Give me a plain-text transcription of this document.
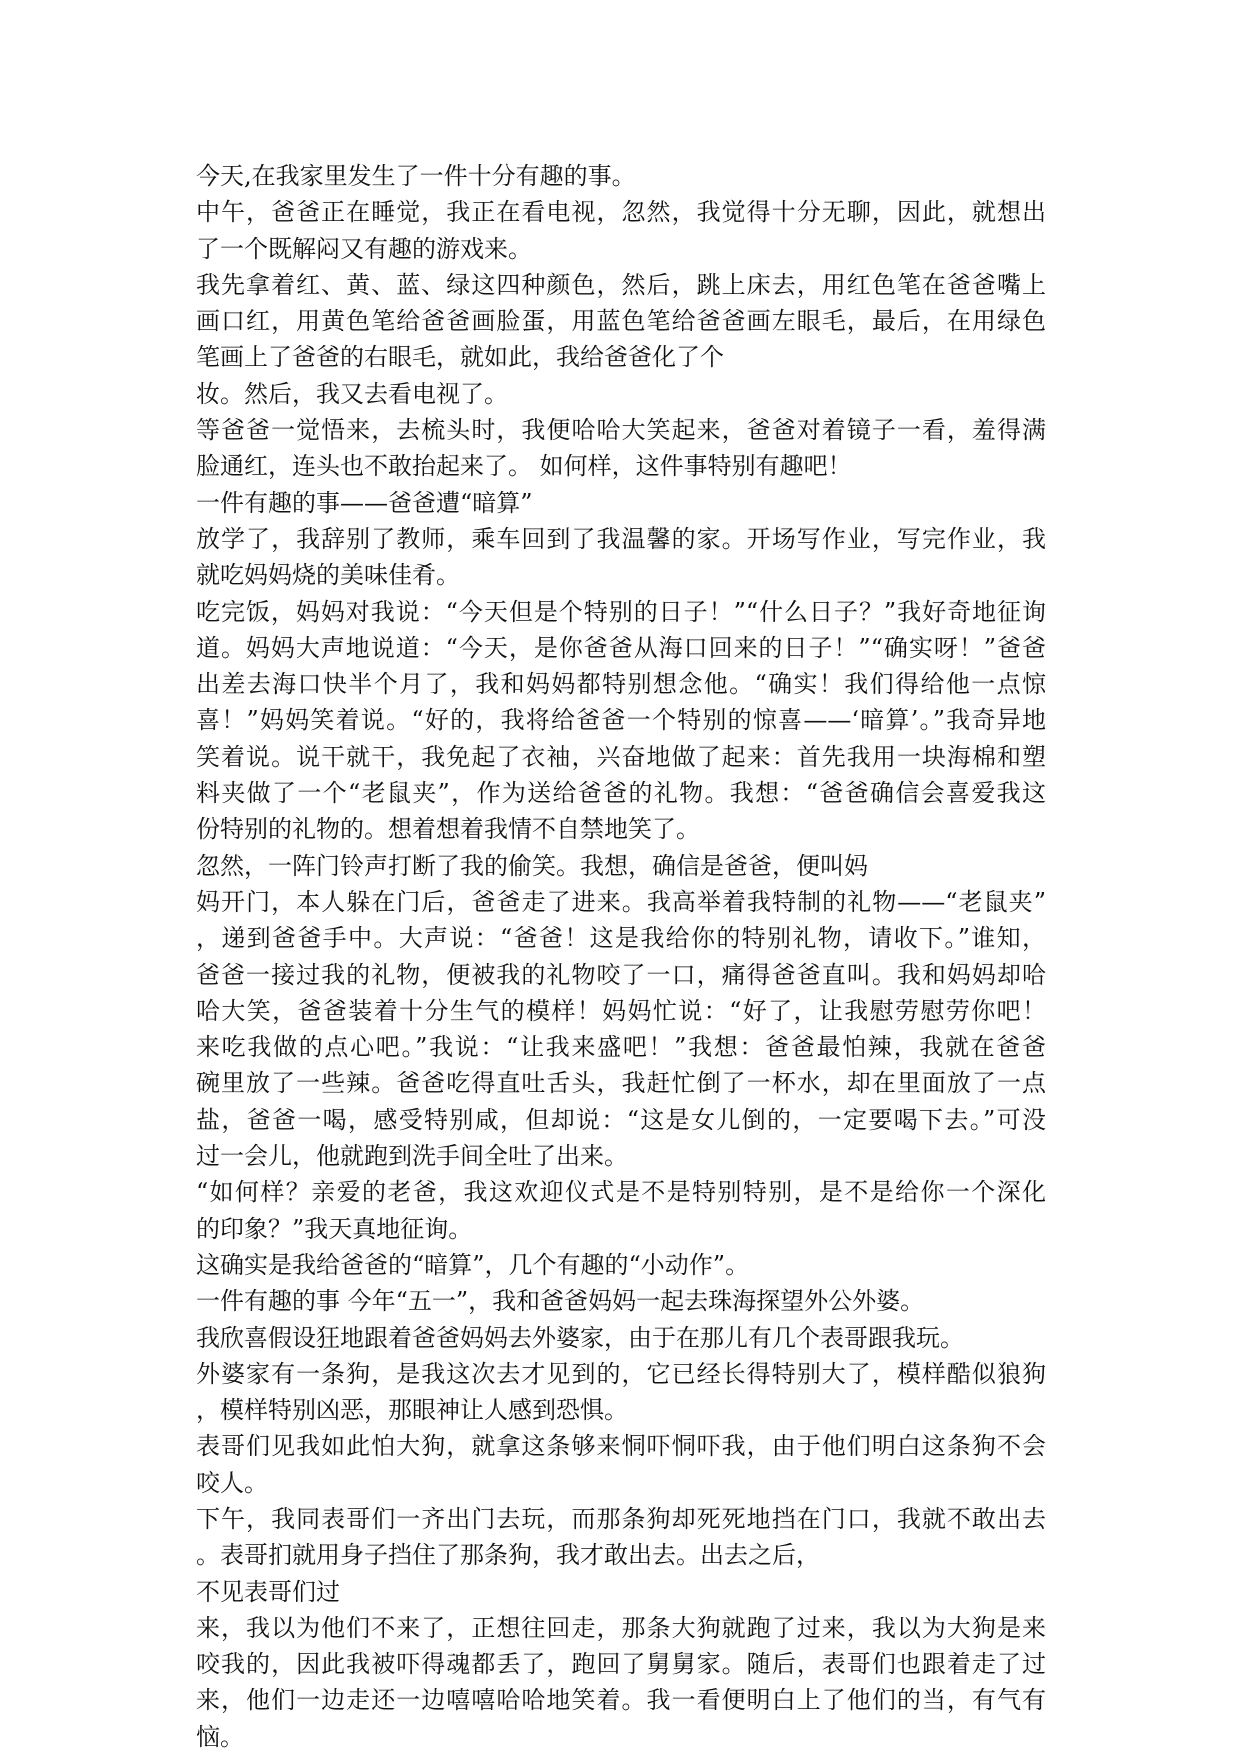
今天,在我家里发生了一件十分有趣的事。
中午，爸爸正在睡觉，我正在看电视，忽然，我觉得十分无聊，因此，就想出
了一个既解闷又有趣的游戏来。
我先拿着红、黄、蓝、绿这四种颜色，然后，跳上床去，用红色笔在爸爸嘴上
画口红，用黄色笔给爸爸画脸蛋，用蓝色笔给爸爸画左眼毛，最后，在用绿色
笔画上了爸爸的右眼毛，就如此，我给爸爸化了个
妆。然后，我又去看电视了。
等爸爸一觉悟来，去梳头时，我便哈哈大笑起来，爸爸对着镜子一看，羞得满
脸通红，连头也不敢抬起来了。 如何样，这件事特别有趣吧！
一件有趣的事——爸爸遭“暗算”
放学了，我辞别了教师，乘车回到了我温馨的家。开场写作业，写完作业，我
就吃妈妈烧的美味佳肴。
吃完饭，妈妈对我说：“今天但是个特别的日子！”“什么日子？”我好奇地征询
道。妈妈大声地说道：“今天，是你爸爸从海口回来的日子！”“确实呀！”爸爸
出差去海口快半个月了，我和妈妈都特别想念他。“确实！我们得给他一点惊
喜！”妈妈笑着说。“好的，我将给爸爸一个特别的惊喜——‘暗算’。”我奇异地
笑着说。说干就干，我免起了衣袖，兴奋地做了起来：首先我用一块海棉和塑
料夹做了一个“老鼠夹”，作为送给爸爸的礼物。我想：“爸爸确信会喜爱我这
份特别的礼物的。想着想着我情不自禁地笑了。
忽然，一阵门铃声打断了我的偷笑。我想，确信是爸爸，便叫妈
妈开门，本人躲在门后，爸爸走了进来。我高举着我特制的礼物——“老鼠夹”
，递到爸爸手中。大声说：“爸爸！这是我给你的特别礼物，请收下。”谁知，
爸爸一接过我的礼物，便被我的礼物咬了一口，痛得爸爸直叫。我和妈妈却哈
哈大笑，爸爸装着十分生气的模样！妈妈忙说：“好了，让我慰劳慰劳你吧！
来吃我做的点心吧。”我说：“让我来盛吧！”我想：爸爸最怕辣，我就在爸爸
碗里放了一些辣。爸爸吃得直吐舌头，我赶忙倒了一杯水，却在里面放了一点
盐，爸爸一喝，感受特别咸，但却说：“这是女儿倒的，一定要喝下去。”可没
过一会儿，他就跑到洗手间全吐了出来。
“如何样？亲爱的老爸，我这欢迎仪式是不是特别特别，是不是给你一个深化
的印象？”我天真地征询。
这确实是我给爸爸的“暗算”，几个有趣的“小动作”。
一件有趣的事 今年“五一”，我和爸爸妈妈一起去珠海探望外公外婆。
我欣喜假设狂地跟着爸爸妈妈去外婆家，由于在那儿有几个表哥跟我玩。
外婆家有一条狗，是我这次去才见到的，它已经长得特别大了，模样酷似狼狗
，模样特别凶恶，那眼神让人感到恐惧。
表哥们见我如此怕大狗，就拿这条够来恫吓恫吓我，由于他们明白这条狗不会
咬人。
下午，我同表哥们一齐出门去玩，而那条狗却死死地挡在门口，我就不敢出去
。表哥扪就用身子挡住了那条狗，我才敢出去。出去之后，
不见表哥们过
来，我以为他们不来了，正想往回走，那条大狗就跑了过来，我以为大狗是来
咬我的，因此我被吓得魂都丢了，跑回了舅舅家。随后，表哥们也跟着走了过
来，他们一边走还一边嘻嘻哈哈地笑着。我一看便明白上了他们的当，有气有
恼。
